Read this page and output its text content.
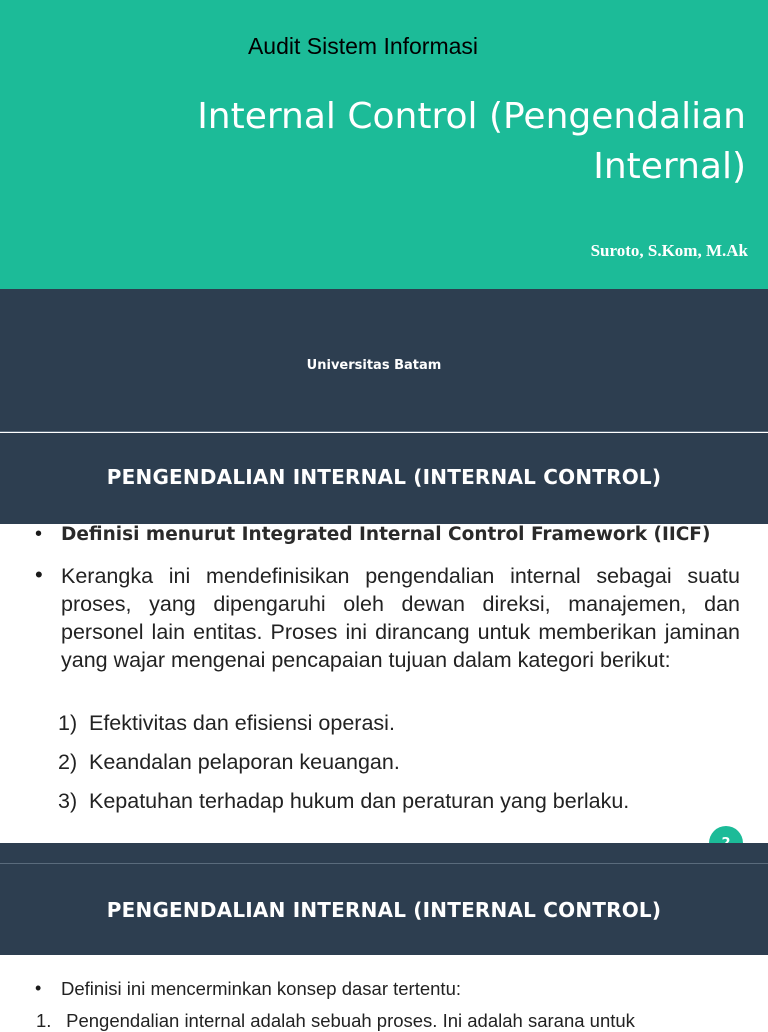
Audit Sistem Informasi
Internal Control (Pengendalian
Internal)
Suroto, S.Kom, M.Ak
Universitas Batam
PENGENDALIAN INTERNAL (INTERNAL CONTROL)
• Definisi menurut Integrated Internal Control Framework (IICF)
• Kerangka ini mendefinisikan pengendalian internal sebagai suatu proses, yang dipengaruhi oleh dewan direksi, manajemen, dan personel lain entitas. Proses ini dirancang untuk memberikan jaminan yang wajar mengenai pencapaian tujuan dalam kategori berikut:
1) Efektivitas dan efisiensi operasi.
2) Keandalan pelaporan keuangan.
3) Kepatuhan terhadap hukum dan peraturan yang berlaku.
PENGENDALIAN INTERNAL (INTERNAL CONTROL)
• Definisi ini mencerminkan konsep dasar tertentu:
1. Pengendalian internal adalah sebuah proses. Ini adalah sarana untuk
